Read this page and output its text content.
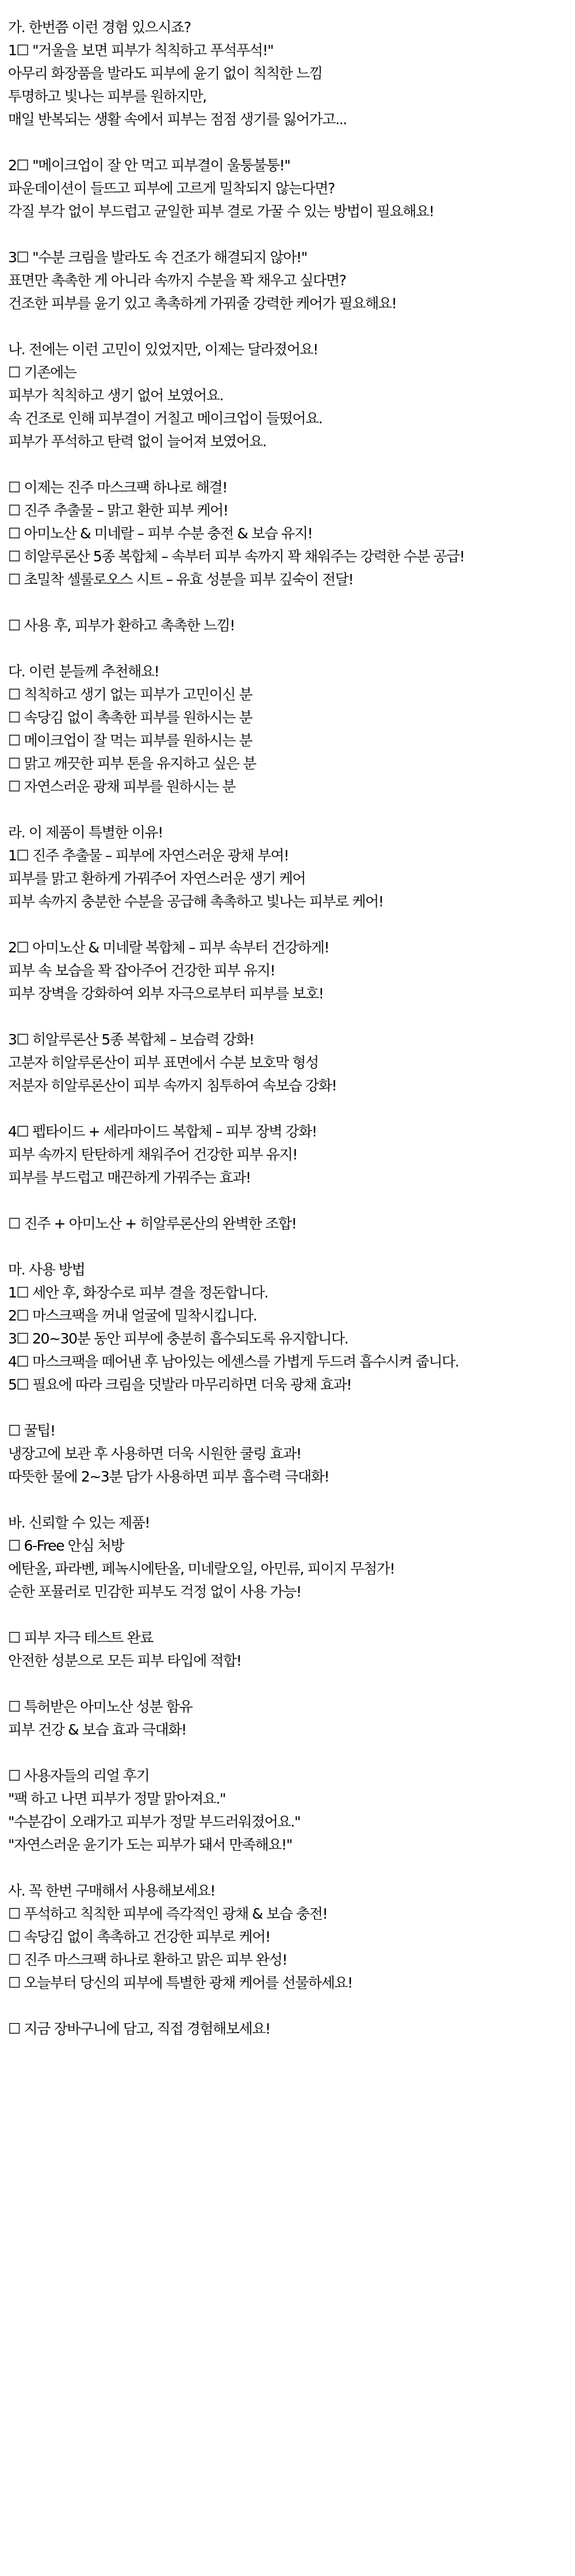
가. 한번쯤 이런 경험 있으시죠?
1☐ "거울을 보면 피부가 칙칙하고 푸석푸석!"
아무리 화장품을 발라도 피부에 윤기 없이 칙칙한 느낌
투명하고 빛나는 피부를 원하지만,
매일 반복되는 생활 속에서 피부는 점점 생기를 잃어가고...
2☐ "메이크업이 잘 안 먹고 피부결이 울퉁불퉁!"
파운데이션이 들뜨고 피부에 고르게 밀착되지 않는다면?
각질 부각 없이 부드럽고 균일한 피부 결로 가꿀 수 있는 방법이 필요해요!
3☐ "수분 크림을 발라도 속 건조가 해결되지 않아!"
표면만 촉촉한 게 아니라 속까지 수분을 꽉 채우고 싶다면?
건조한 피부를 윤기 있고 촉촉하게 가꿔줄 강력한 케어가 필요해요!
나. 전에는 이런 고민이 있었지만, 이제는 달라졌어요!
☐ 기존에는
피부가 칙칙하고 생기 없어 보였어요.
속 건조로 인해 피부결이 거칠고 메이크업이 들떴어요.
피부가 푸석하고 탄력 없이 늘어져 보였어요.
☐ 이제는 진주 마스크팩 하나로 해결!
☐ 진주 추출물 – 맑고 환한 피부 케어!
☐ 아미노산 & 미네랄 – 피부 수분 충전 & 보습 유지!
☐ 히알루론산 5종 복합체 – 속부터 피부 속까지 꽉 채워주는 강력한 수분 공급!
☐ 초밀착 셀룰로오스 시트 – 유효 성분을 피부 깊숙이 전달!
☐ 사용 후, 피부가 환하고 촉촉한 느낌!
다. 이런 분들께 추천해요!
☐ 칙칙하고 생기 없는 피부가 고민이신 분
☐ 속당김 없이 촉촉한 피부를 원하시는 분
☐ 메이크업이 잘 먹는 피부를 원하시는 분
☐ 맑고 깨끗한 피부 톤을 유지하고 싶은 분
☐ 자연스러운 광채 피부를 원하시는 분
라. 이 제품이 특별한 이유!
1☐ 진주 추출물 – 피부에 자연스러운 광채 부여!
피부를 맑고 환하게 가꿔주어 자연스러운 생기 케어
피부 속까지 충분한 수분을 공급해 촉촉하고 빛나는 피부로 케어!
2☐ 아미노산 & 미네랄 복합체 – 피부 속부터 건강하게!
피부 속 보습을 꽉 잡아주어 건강한 피부 유지!
피부 장벽을 강화하여 외부 자극으로부터 피부를 보호!
3☐ 히알루론산 5종 복합체 – 보습력 강화!
고분자 히알루론산이 피부 표면에서 수분 보호막 형성
저분자 히알루론산이 피부 속까지 침투하여 속보습 강화!
4☐ 펩타이드 + 세라마이드 복합체 – 피부 장벽 강화!
피부 속까지 탄탄하게 채워주어 건강한 피부 유지!
피부를 부드럽고 매끈하게 가꿔주는 효과!
☐ 진주 + 아미노산 + 히알루론산의 완벽한 조합!
마. 사용 방법
1☐ 세안 후, 화장수로 피부 결을 정돈합니다.
2☐ 마스크팩을 꺼내 얼굴에 밀착시킵니다.
3☐ 20~30분 동안 피부에 충분히 흡수되도록 유지합니다.
4☐ 마스크팩을 떼어낸 후 남아있는 에센스를 가볍게 두드려 흡수시켜 줍니다.
5☐ 필요에 따라 크림을 덧발라 마무리하면 더욱 광채 효과!
☐ 꿀팁!
냉장고에 보관 후 사용하면 더욱 시원한 쿨링 효과!
따뜻한 물에 2~3분 담가 사용하면 피부 흡수력 극대화!
바. 신뢰할 수 있는 제품!
☐ 6-Free 안심 처방
에탄올, 파라벤, 페녹시에탄올, 미네랄오일, 아민류, 피이지 무첨가!
순한 포뮬러로 민감한 피부도 걱정 없이 사용 가능!
☐ 피부 자극 테스트 완료
안전한 성분으로 모든 피부 타입에 적합!
☐ 특허받은 아미노산 성분 함유
피부 건강 & 보습 효과 극대화!
☐ 사용자들의 리얼 후기
"팩 하고 나면 피부가 정말 맑아져요."
"수분감이 오래가고 피부가 정말 부드러워졌어요."
"자연스러운 윤기가 도는 피부가 돼서 만족해요!"
사. 꼭 한번 구매해서 사용해보세요!
☐ 푸석하고 칙칙한 피부에 즉각적인 광채 & 보습 충전!
☐ 속당김 없이 촉촉하고 건강한 피부로 케어!
☐ 진주 마스크팩 하나로 환하고 맑은 피부 완성!
☐ 오늘부터 당신의 피부에 특별한 광채 케어를 선물하세요!
☐ 지금 장바구니에 담고, 직접 경험해보세요!
